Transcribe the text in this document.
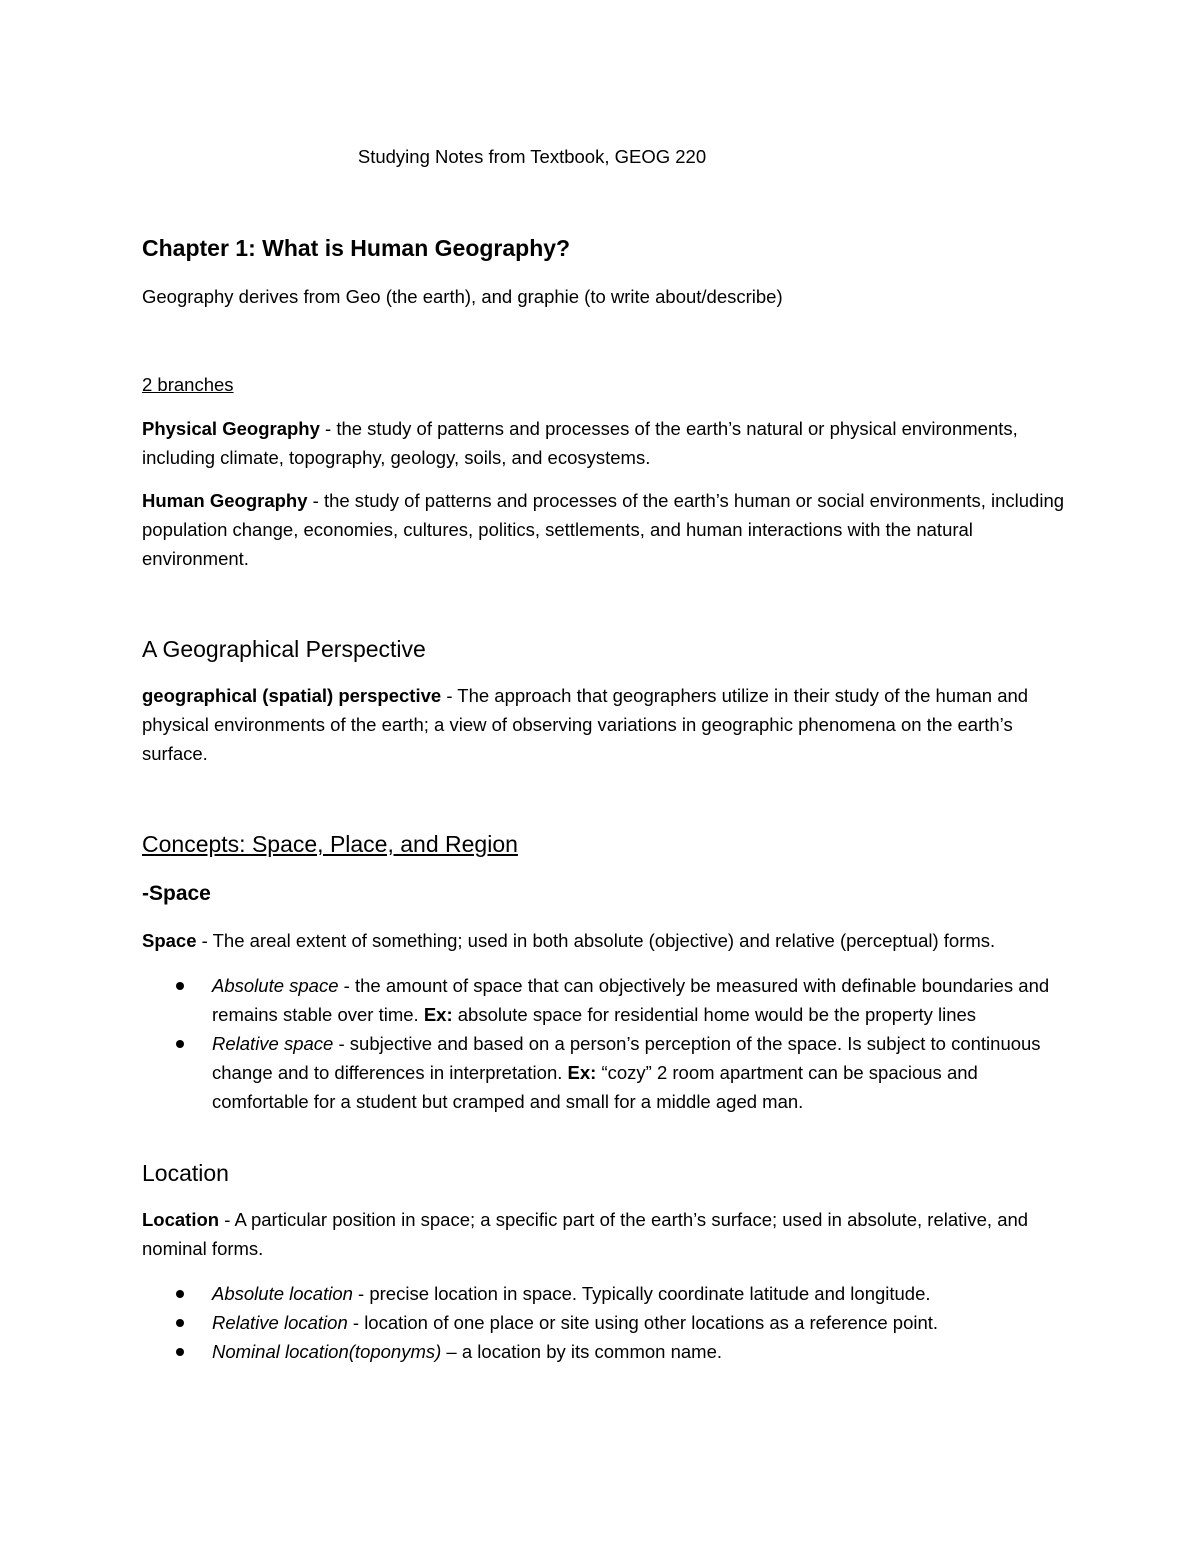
Studying Notes from Textbook, GEOG 220

Chapter 1: What is Human Geography?

Geography derives from Geo (the earth), and graphie (to write about/describe)

2 branches

Physical Geography - the study of patterns and processes of the earth’s natural or physical environments, including climate, topography, geology, soils, and ecosystems.

Human Geography - the study of patterns and processes of the earth’s human or social environments, including population change, economies, cultures, politics, settlements, and human interactions with the natural environment.

A Geographical Perspective

geographical (spatial) perspective - The approach that geographers utilize in their study of the human and physical environments of the earth; a view of observing variations in geographic phenomena on the earth’s surface.

Concepts: Space, Place, and Region
-Space

Space - The areal extent of something; used in both absolute (objective) and relative (perceptual) forms.

Absolute space - the amount of space that can objectively be measured with definable boundaries and remains stable over time. Ex: absolute space for residential home would be the property lines
Relative space - subjective and based on a person’s perception of the space. Is subject to continuous change and to differences in interpretation. Ex: “cozy” 2 room apartment can be spacious and comfortable for a student but cramped and small for a middle aged man.
Location

Location - A particular position in space; a specific part of the earth’s surface; used in absolute, relative, and nominal forms.

Absolute location - precise location in space. Typically coordinate latitude and longitude.
Relative location - location of one place or site using other locations as a reference point.
Nominal location(toponyms) – a location by its common name.
